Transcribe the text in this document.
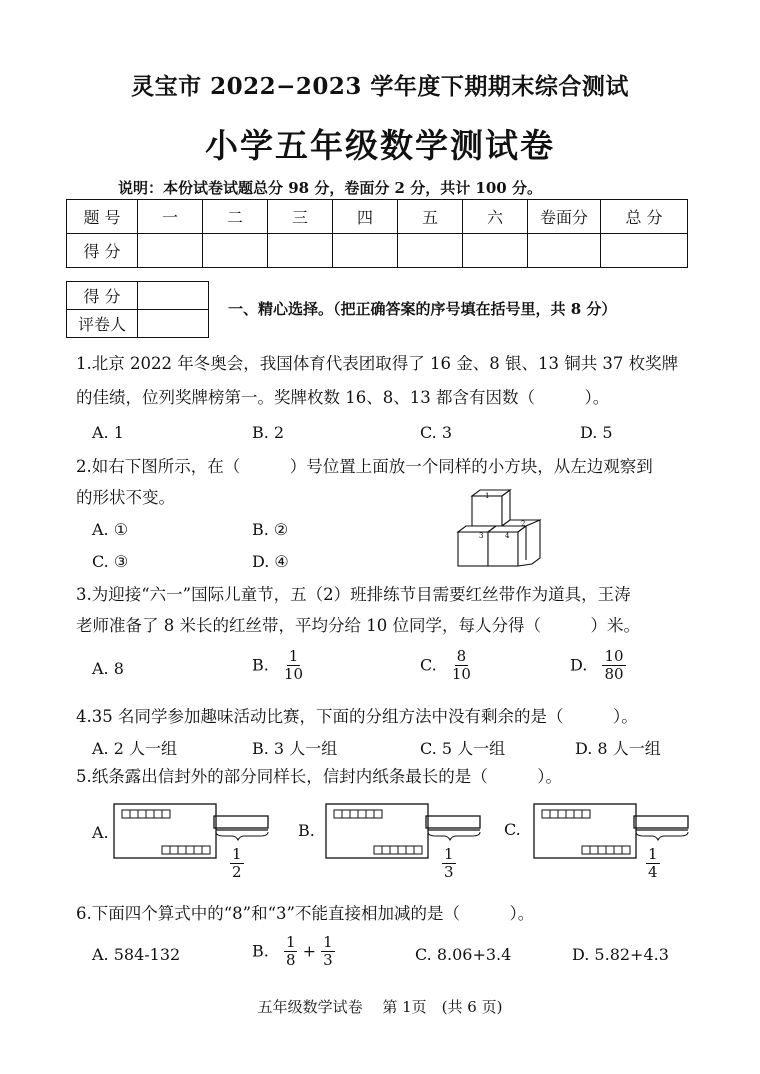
灵宝市 2022−2023 学年度下期期末综合测试
小学五年级数学测试卷
说明：本份试卷试题总分 98 分，卷面分 2 分，共计 100 分。
题 号	一	二	三	四	五	六	卷面分	总 分
得 分								
得 分	
评卷人	
一、精心选择。（把正确答案的序号填在括号里，共 8 分）
1.北京 2022 年冬奥会，我国体育代表团取得了 16 金、8 银、13 铜共 37 枚奖牌
的佳绩，位列奖牌榜第一。奖牌枚数 16、8、13 都含有因数（　　　）。
A. 1	B. 2	C. 3	D. 5
2.如右下图所示，在（　　　）号位置上面放一个同样的小方块，从左边观察到
的形状不变。
A. ①	B. ②
C. ③	D. ④
1
2
3	4
3.为迎接“六一”国际儿童节，五（2）班排练节目需要红丝带作为道具，王涛
老师准备了 8 米长的红丝带，平均分给 10 位同学，每人分得（　　　）米。
A. 8	B. $\frac{1}{10}$	C. $\frac{8}{10}$	D. $\frac{10}{80}$
4.35 名同学参加趣味活动比赛，下面的分组方法中没有剩余的是（　　　）。
A. 2 人一组	B. 3 人一组	C. 5 人一组	D. 8 人一组
5.纸条露出信封外的部分同样长，信封内纸条最长的是（　　　）。
A.
$\frac{1}{2}$
B.
$\frac{1}{3}$
C.
$\frac{1}{4}$
6.下面四个算式中的“8”和“3”不能直接相加减的是（　　　）。
A. 584-132	B. $\frac{1}{8} + \frac{1}{3}$	C. 8.06+3.4	D. 5.82+4.3
五年级数学试卷　 第 1页　(共 6 页)
